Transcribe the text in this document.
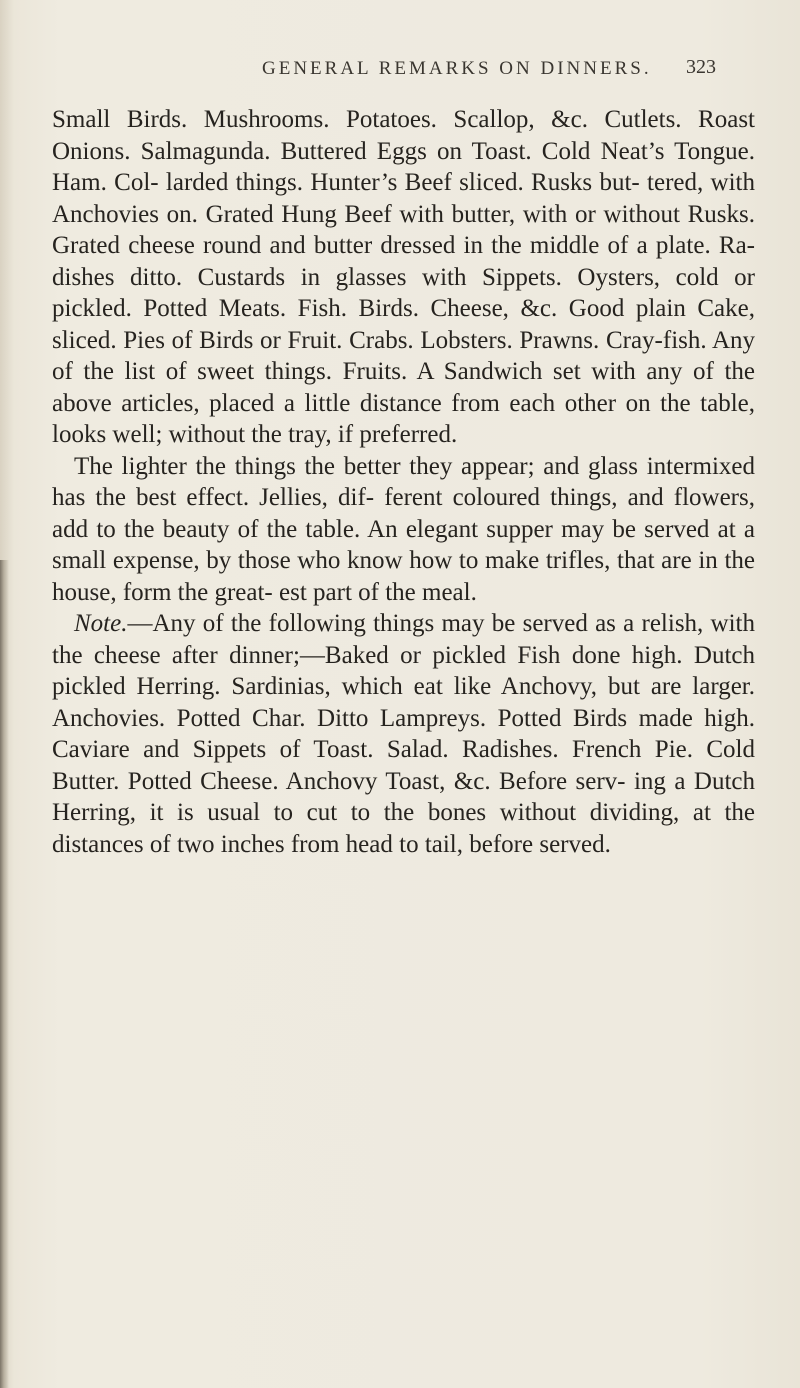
GENERAL REMARKS ON DINNERS. 323

Small Birds. Mushrooms. Potatoes. Scallop, &c. Cutlets. Roast Onions. Salmagunda. Buttered Eggs on Toast. Cold Neat’s Tongue. Ham. Col- larded things. Hunter’s Beef sliced. Rusks but- tered, with Anchovies on. Grated Hung Beef with butter, with or without Rusks. Grated cheese round and butter dressed in the middle of a plate. Ra- dishes ditto. Custards in glasses with Sippets. Oysters, cold or pickled. Potted Meats. Fish. Birds. Cheese, &c. Good plain Cake, sliced. Pies of Birds or Fruit. Crabs. Lobsters. Prawns. Cray-fish. Any of the list of sweet things. Fruits. A Sandwich set with any of the above articles, placed a little distance from each other on the table, looks well; without the tray, if preferred.

The lighter the things the better they appear; and glass intermixed has the best effect. Jellies, dif- ferent coloured things, and flowers, add to the beauty of the table. An elegant supper may be served at a small expense, by those who know how to make trifles, that are in the house, form the great- est part of the meal.

Note.—Any of the following things may be served as a relish, with the cheese after dinner;—Baked or pickled Fish done high. Dutch pickled Herring. Sardinias, which eat like Anchovy, but are larger. Anchovies. Potted Char. Ditto Lampreys. Potted Birds made high. Caviare and Sippets of Toast. Salad. Radishes. French Pie. Cold Butter. Potted Cheese. Anchovy Toast, &c. Before serv- ing a Dutch Herring, it is usual to cut to the bones without dividing, at the distances of two inches from head to tail, before served.
